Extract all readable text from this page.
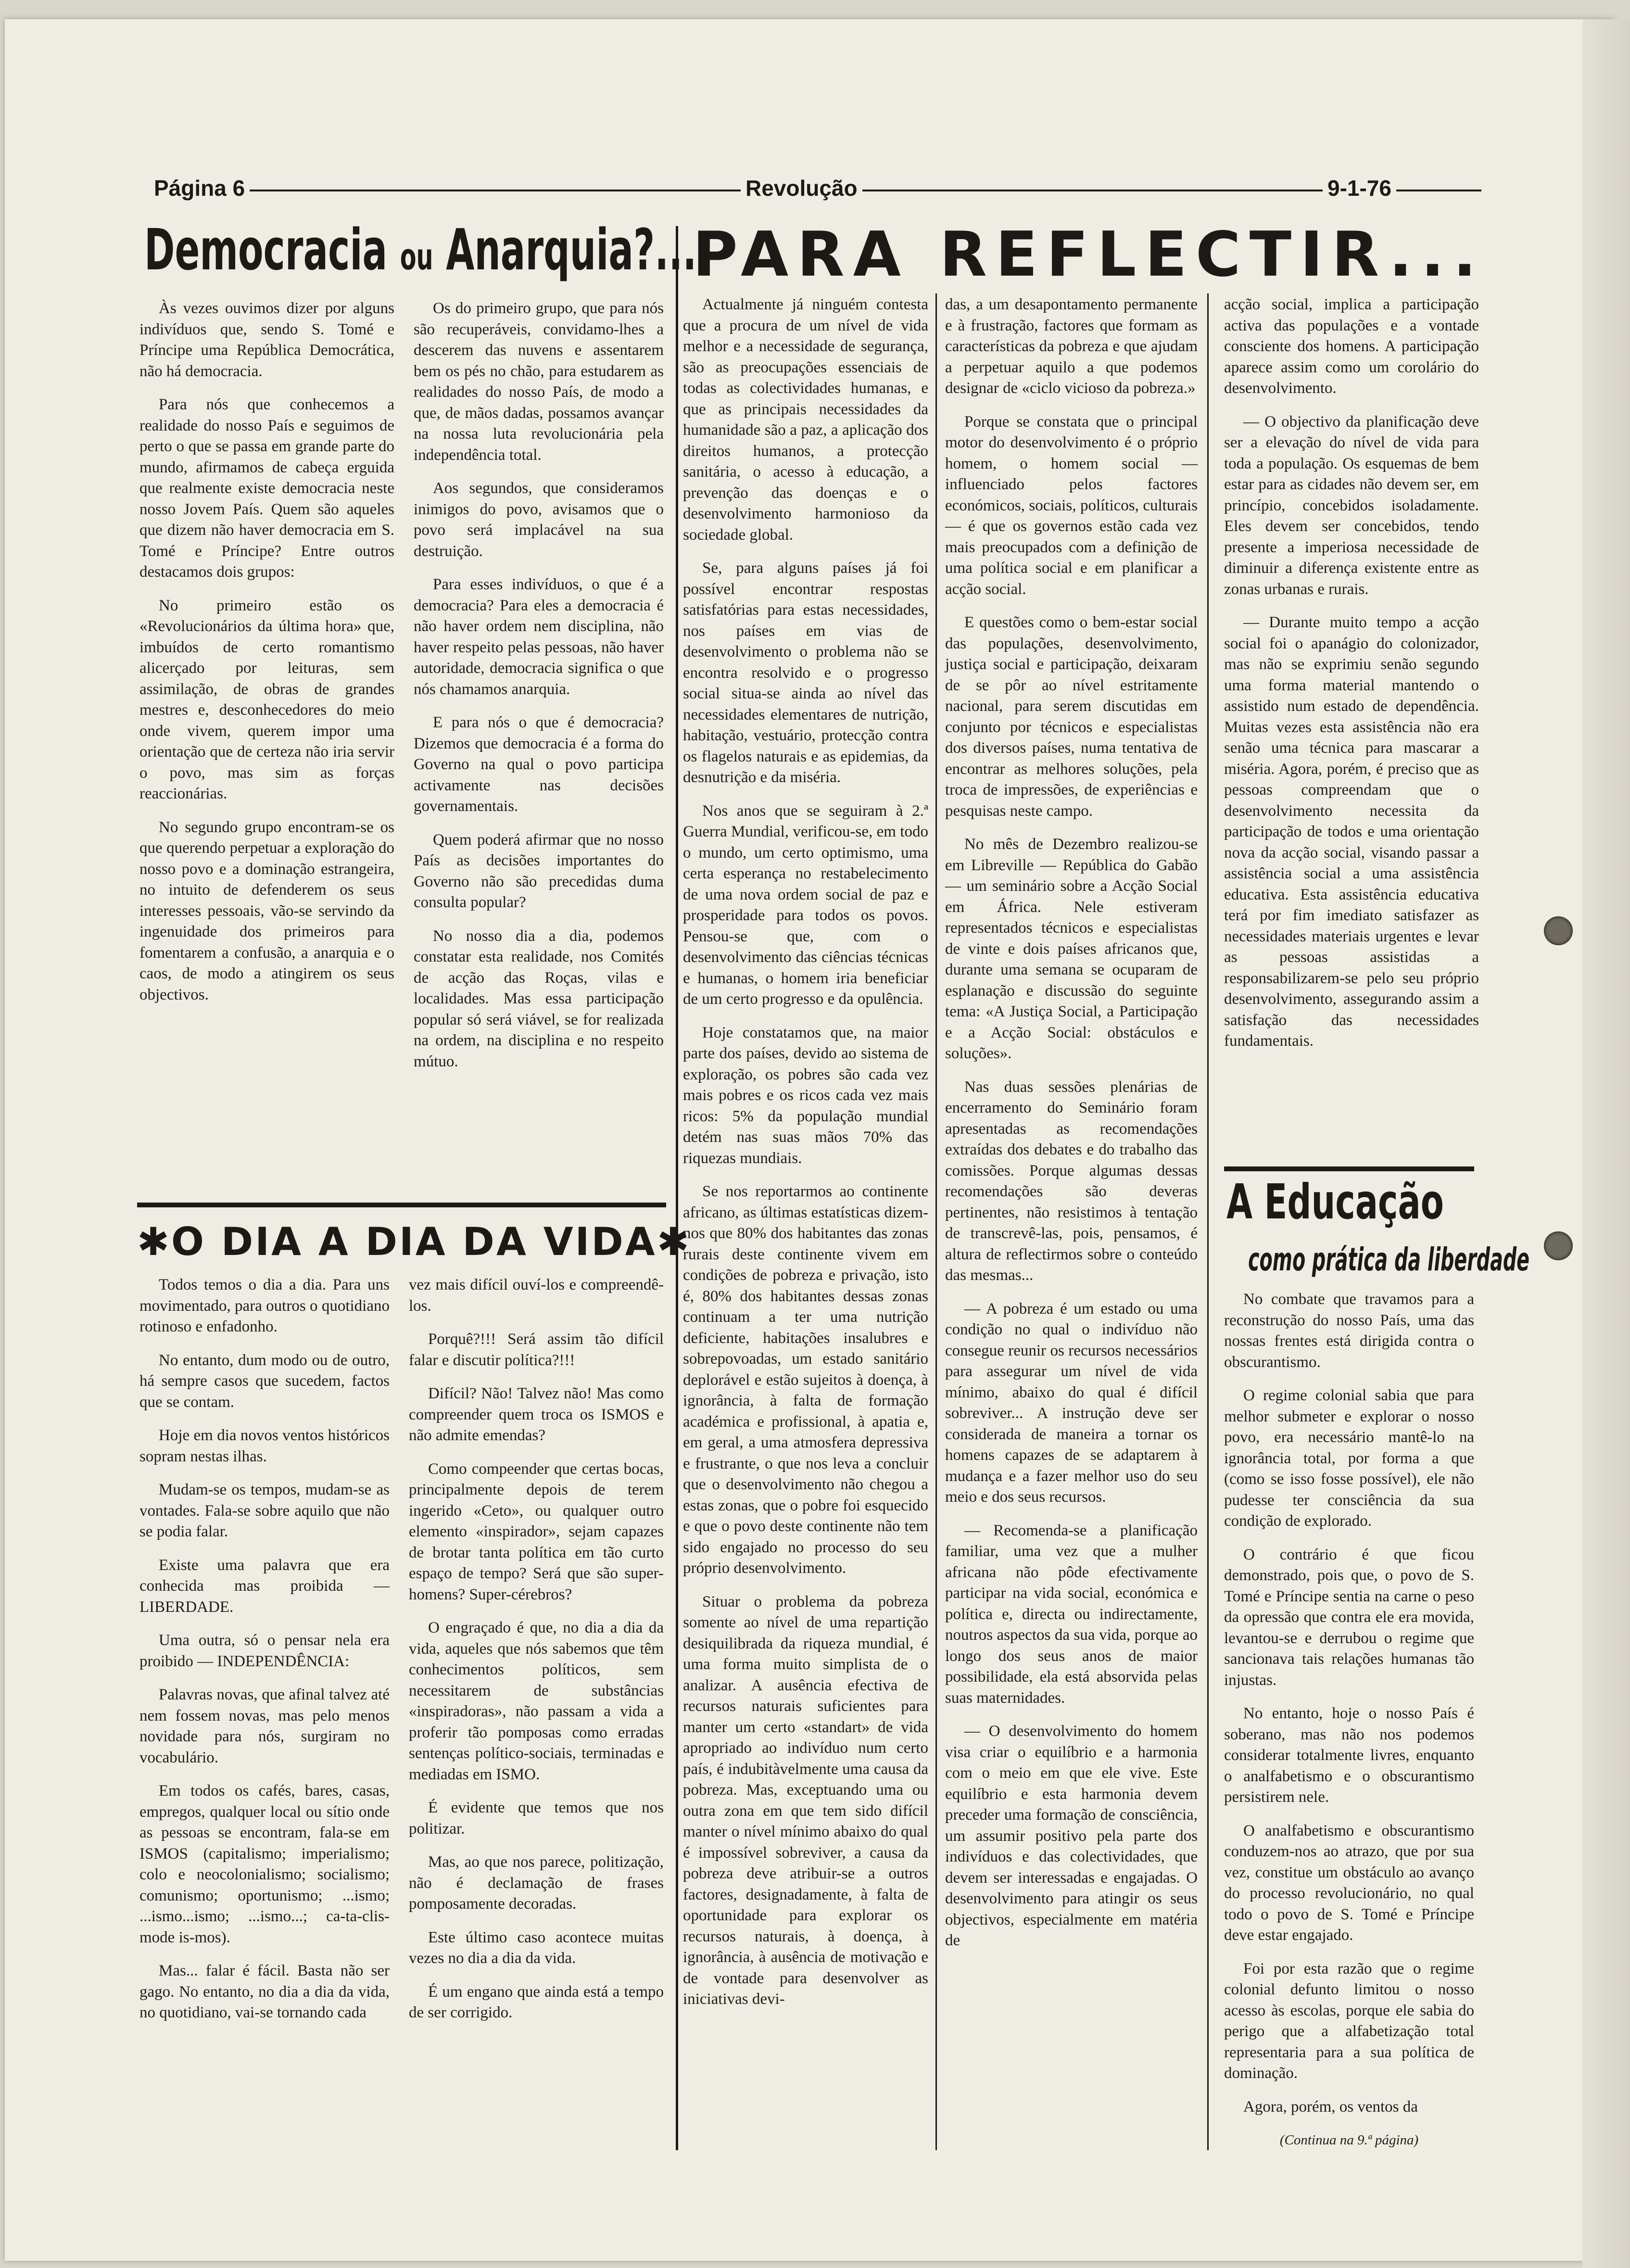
Página 6	Revolução	9-1-76
Democracia ou Anarquia?...

Às vezes ouvimos dizer por alguns indivíduos que, sendo S. Tomé e Príncipe uma República Democrática, não há democracia.

Para nós que conhecemos a realidade do nosso País e seguimos de perto o que se passa em grande parte do mundo, afirmamos de cabeça erguida que realmente existe democracia neste nosso Jovem País. Quem são aqueles que dizem não haver democracia em S. Tomé e Príncipe? Entre outros destacamos dois grupos:

No primeiro estão os «Revolucionários da última hora» que, imbuídos de certo romantismo alicerçado por leituras, sem assimilação, de obras de grandes mestres e, desconhecedores do meio onde vivem, querem impor uma orientação que de certeza não iria servir o povo, mas sim as forças reaccionárias.

No segundo grupo encontram-se os que querendo perpetuar a exploração do nosso povo e a dominação estrangeira, no intuito de defenderem os seus interesses pessoais, vão-se servindo da ingenuidade dos primeiros para fomentarem a confusão, a anarquia e o caos, de modo a atingirem os seus objectivos.

Os do primeiro grupo, que para nós são recuperáveis, convidamo-lhes a descerem das nuvens e assentarem bem os pés no chão, para estudarem as realidades do nosso País, de modo a que, de mãos dadas, possamos avançar na nossa luta revolucionária pela independência total.

Aos segundos, que consideramos inimigos do povo, avisamos que o povo será implacável na sua destruição.

Para esses indivíduos, o que é a democracia? Para eles a democracia é não haver ordem nem disciplina, não haver respeito pelas pessoas, não haver autoridade, democracia significa o que nós chamamos anarquia.

E para nós o que é democracia? Dizemos que democracia é a forma do Governo na qual o povo participa activamente nas decisões governamentais.

Quem poderá afirmar que no nosso País as decisões importantes do Governo não são precedidas duma consulta popular?

No nosso dia a dia, podemos constatar esta realidade, nos Comités de acção das Roças, vilas e localidades. Mas essa participação popular só será viável, se for realizada na ordem, na disciplina e no respeito mútuo.

✱O DIA A DIA DA VIDA✱

Todos temos o dia a dia. Para uns movimentado, para outros o quotidiano rotinoso e enfadonho.

No entanto, dum modo ou de outro, há sempre casos que sucedem, factos que se contam.

Hoje em dia novos ventos históricos sopram nestas ilhas.

Mudam-se os tempos, mudam-se as vontades. Fala-se sobre aquilo que não se podia falar.

Existe uma palavra que era conhecida mas proibida — LIBERDADE.

Uma outra, só o pensar nela era proibido — INDEPENDÊNCIA:

Palavras novas, que afinal talvez até nem fossem novas, mas pelo menos novidade para nós, surgiram no vocabulário.

Em todos os cafés, bares, casas, empregos, qualquer local ou sítio onde as pessoas se encontram, fala-se em ISMOS (capitalismo; imperialismo; colo e neocolonialismo; socialismo; comunismo; oportunismo; ...ismo; ...ismo...ismo; ...ismo...; ca-ta-clis-mode is-mos).

Mas... falar é fácil. Basta não ser gago. No entanto, no dia a dia da vida, no quotidiano, vai-se tornando cada

vez mais difícil ouví-los e compreendê-los.

Porquê?!!! Será assim tão difícil falar e discutir política?!!!

Difícil? Não! Talvez não! Mas como compreender quem troca os ISMOS e não admite emendas?

Como compeender que certas bocas, principalmente depois de terem ingerido «Ceto», ou qualquer outro elemento «inspirador», sejam capazes de brotar tanta política em tão curto espaço de tempo? Será que são super-homens? Super-cérebros?

O engraçado é que, no dia a dia da vida, aqueles que nós sabemos que têm conhecimentos políticos, sem necessitarem de substâncias «inspiradoras», não passam a vida a proferir tão pomposas como erradas sentenças político-sociais, terminadas e mediadas em ISMO.

É evidente que temos que nos politizar.

Mas, ao que nos parece, politização, não é declamação de frases pomposamente decoradas.

Este último caso acontece muitas vezes no dia a dia da vida.

É um engano que ainda está a tempo de ser corrigido.

PARA REFLECTIR...

Actualmente já ninguém contesta que a procura de um nível de vida melhor e a necessidade de segurança, são as preocupações essenciais de todas as colectividades humanas, e que as principais necessidades da humanidade são a paz, a aplicação dos direitos humanos, a protecção sanitária, o acesso à educação, a prevenção das doenças e o desenvolvimento harmonioso da sociedade global.

Se, para alguns países já foi possível encontrar respostas satisfatórias para estas necessidades, nos países em vias de desenvolvimento o problema não se encontra resolvido e o progresso social situa-se ainda ao nível das necessidades elementares de nutrição, habitação, vestuário, protecção contra os flagelos naturais e as epidemias, da desnutrição e da miséria.

Nos anos que se seguiram à 2.ª Guerra Mundial, verificou-se, em todo o mundo, um certo optimismo, uma certa esperança no restabelecimento de uma nova ordem social de paz e prosperidade para todos os povos. Pensou-se que, com o desenvolvimento das ciências técnicas e humanas, o homem iria beneficiar de um certo progresso e da opulência.

Hoje constatamos que, na maior parte dos países, devido ao sistema de exploração, os pobres são cada vez mais pobres e os ricos cada vez mais ricos: 5% da população mundial detém nas suas mãos 70% das riquezas mundiais.

Se nos reportarmos ao continente africano, as últimas estatísticas dizem-nos que 80% dos habitantes das zonas rurais deste continente vivem em condições de pobreza e privação, isto é, 80% dos habitantes dessas zonas continuam a ter uma nutrição deficiente, habitações insalubres e sobrepovoadas, um estado sanitário deplorável e estão sujeitos à doença, à ignorância, à falta de formação académica e profissional, à apatia e, em geral, a uma atmosfera depressiva e frustrante, o que nos leva a concluir que o desenvolvimento não chegou a estas zonas, que o pobre foi esquecido e que o povo deste continente não tem sido engajado no processo do seu próprio desenvolvimento.

Situar o problema da pobreza somente ao nível de uma repartição desiquilibrada da riqueza mundial, é uma forma muito simplista de o analizar. A ausência efectiva de recursos naturais suficientes para manter um certo «standart» de vida apropriado ao indivíduo num certo país, é indubitàvelmente uma causa da pobreza. Mas, exceptuando uma ou outra zona em que tem sido difícil manter o nível mínimo abaixo do qual é impossível sobreviver, a causa da pobreza deve atribuir-se a outros factores, designadamente, à falta de oportunidade para explorar os recursos naturais, à doença, à ignorância, à ausência de motivação e de vontade para desenvolver as iniciativas devi-

das, a um desapontamento permanente e à frustração, factores que formam as características da pobreza e que ajudam a perpetuar aquilo a que podemos designar de «ciclo vicioso da pobreza.»

Porque se constata que o principal motor do desenvolvimento é o próprio homem, o homem social — influenciado pelos factores económicos, sociais, políticos, culturais — é que os governos estão cada vez mais preocupados com a definição de uma política social e em planificar a acção social.

E questões como o bem-estar social das populações, desenvolvimento, justiça social e participação, deixaram de se pôr ao nível estritamente nacional, para serem discutidas em conjunto por técnicos e especialistas dos diversos países, numa tentativa de encontrar as melhores soluções, pela troca de impressões, de experiências e pesquisas neste campo.

No mês de Dezembro realizou-se em Libreville — República do Gabão — um seminário sobre a Acção Social em África. Nele estiveram representados técnicos e especialistas de vinte e dois países africanos que, durante uma semana se ocuparam de esplanação e discussão do seguinte tema: «A Justiça Social, a Participação e a Acção Social: obstáculos e soluções».

Nas duas sessões plenárias de encerramento do Seminário foram apresentadas as recomendações extraídas dos debates e do trabalho das comissões. Porque algumas dessas recomendações são deveras pertinentes, não resistimos à tentação de transcrevê-las, pois, pensamos, é altura de reflectirmos sobre o conteúdo das mesmas...

— A pobreza é um estado ou uma condição no qual o indivíduo não consegue reunir os recursos necessários para assegurar um nível de vida mínimo, abaixo do qual é difícil sobreviver... A instrução deve ser considerada de maneira a tornar os homens capazes de se adaptarem à mudança e a fazer melhor uso do seu meio e dos seus recursos.

— Recomenda-se a planificação familiar, uma vez que a mulher africana não pôde efectivamente participar na vida social, económica e política e, directa ou indirectamente, noutros aspectos da sua vida, porque ao longo dos seus anos de maior possibilidade, ela está absorvida pelas suas maternidades.

— O desenvolvimento do homem visa criar o equilíbrio e a harmonia com o meio em que ele vive. Este equilíbrio e esta harmonia devem preceder uma formação de consciência, um assumir positivo pela parte dos indivíduos e das colectividades, que devem ser interessadas e engajadas. O desenvolvimento para atingir os seus objectivos, especialmente em matéria de

acção social, implica a participação activa das populações e a vontade consciente dos homens. A participação aparece assim como um corolário do desenvolvimento.

— O objectivo da planificação deve ser a elevação do nível de vida para toda a população. Os esquemas de bem estar para as cidades não devem ser, em princípio, concebidos isoladamente. Eles devem ser concebidos, tendo presente a imperiosa necessidade de diminuir a diferença existente entre as zonas urbanas e rurais.

— Durante muito tempo a acção social foi o apanágio do colonizador, mas não se exprimiu senão segundo uma forma material mantendo o assistido num estado de dependência. Muitas vezes esta assistência não era senão uma técnica para mascarar a miséria. Agora, porém, é preciso que as pessoas compreendam que o desenvolvimento necessita da participação de todos e uma orientação nova da acção social, visando passar a assistência social a uma assistência educativa. Esta assistência educativa terá por fim imediato satisfazer as necessidades materiais urgentes e levar as pessoas assistidas a responsabilizarem-se pelo seu próprio desenvolvimento, assegurando assim a satisfação das necessidades fundamentais.

A Educação
como prática da liberdade

No combate que travamos para a reconstrução do nosso País, uma das nossas frentes está dirigida contra o obscurantismo.

O regime colonial sabia que para melhor submeter e explorar o nosso povo, era necessário mantê-lo na ignorância total, por forma a que (como se isso fosse possível), ele não pudesse ter consciência da sua condição de explorado.

O contrário é que ficou demonstrado, pois que, o povo de S. Tomé e Príncipe sentia na carne o peso da opressão que contra ele era movida, levantou-se e derrubou o regime que sancionava tais relações humanas tão injustas.

No entanto, hoje o nosso País é soberano, mas não nos podemos considerar totalmente livres, enquanto o analfabetismo e o obscurantismo persistirem nele.

O analfabetismo e obscurantismo conduzem-nos ao atrazo, que por sua vez, constitue um obstáculo ao avanço do processo revolucionário, no qual todo o povo de S. Tomé e Príncipe deve estar engajado.

Foi por esta razão que o regime colonial defunto limitou o nosso acesso às escolas, porque ele sabia do perigo que a alfabetização total representaria para a sua política de dominação.

Agora, porém, os ventos da

(Continua na 9.ª página)
